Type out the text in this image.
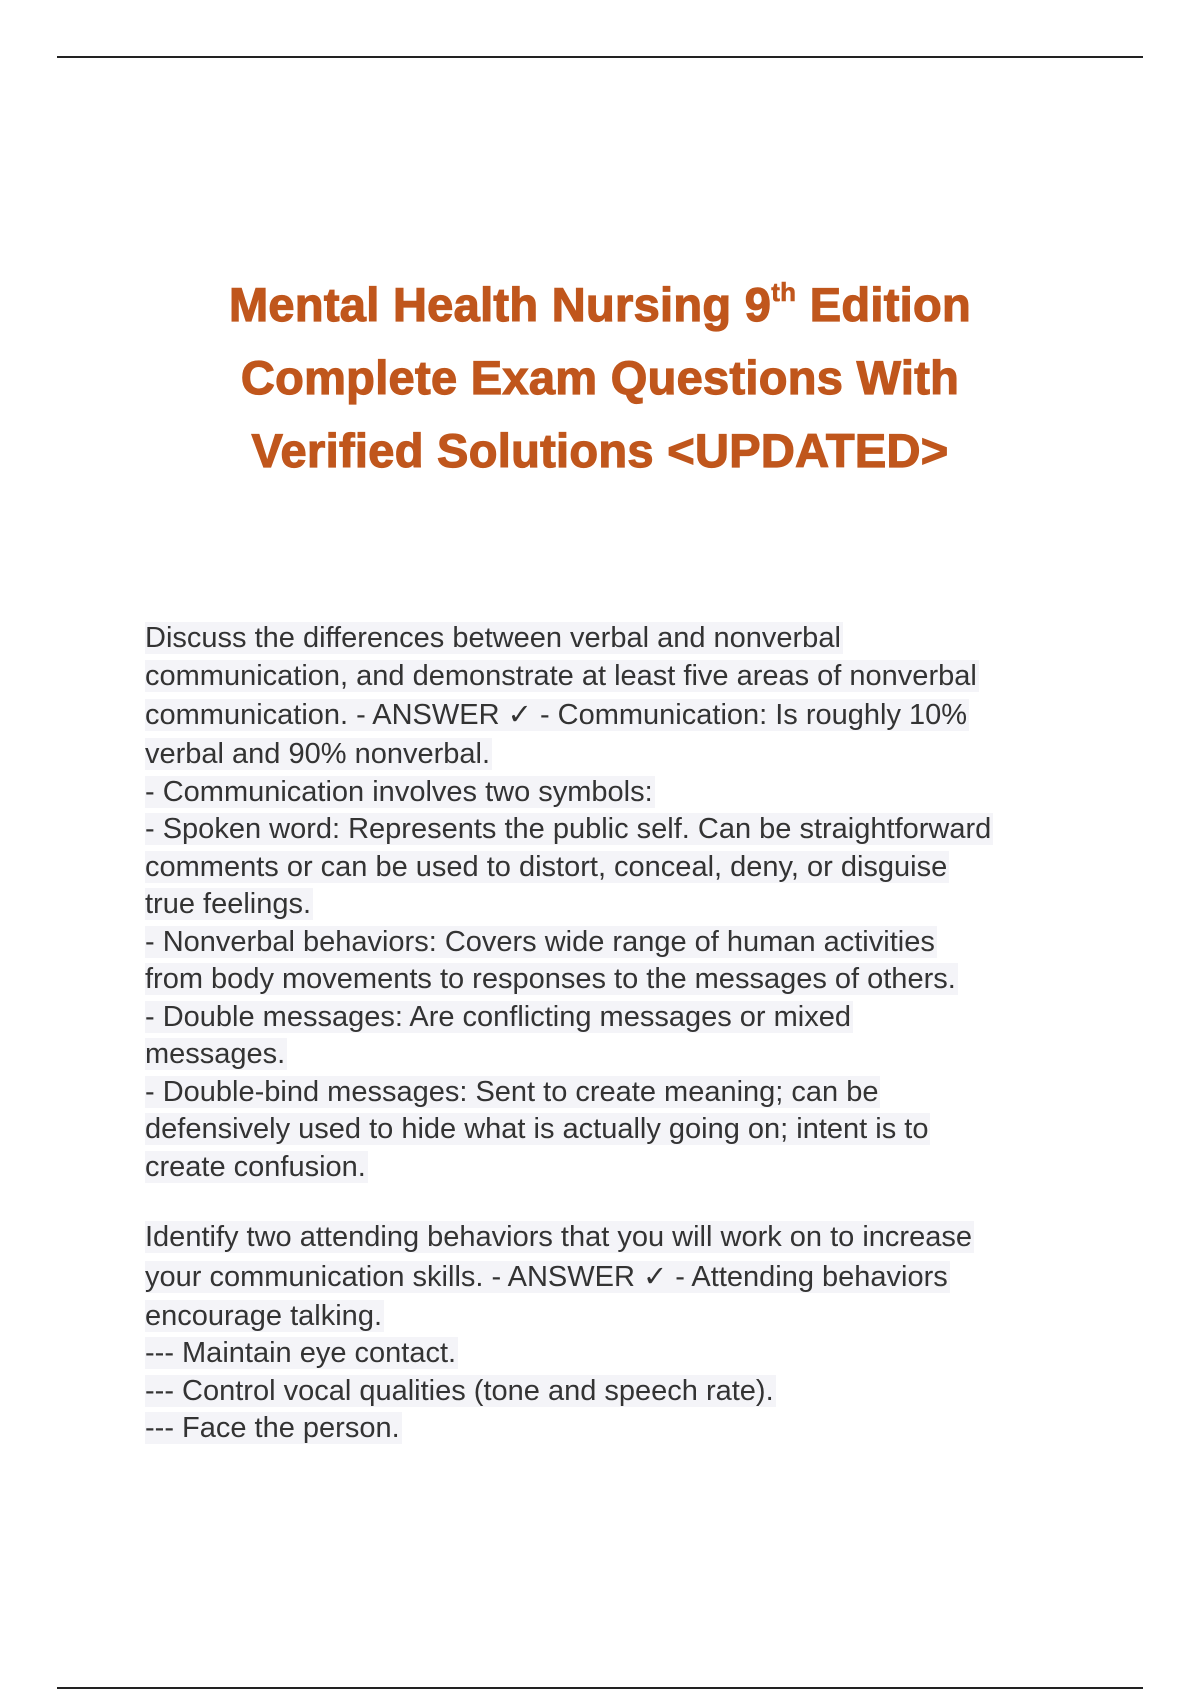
Mental Health Nursing 9th Edition
Complete Exam Questions With
Verified Solutions <UPDATED>
Discuss the differences between verbal and nonverbal
communication, and demonstrate at least five areas of nonverbal
communication. - ANSWER ✓ - Communication: Is roughly 10%
verbal and 90% nonverbal.
- Communication involves two symbols:
- Spoken word: Represents the public self. Can be straightforward
comments or can be used to distort, conceal, deny, or disguise
true feelings.
- Nonverbal behaviors: Covers wide range of human activities
from body movements to responses to the messages of others.
- Double messages: Are conflicting messages or mixed
messages.
- Double-bind messages: Sent to create meaning; can be
defensively used to hide what is actually going on; intent is to
create confusion.
Identify two attending behaviors that you will work on to increase
your communication skills. - ANSWER ✓ - Attending behaviors
encourage talking.
--- Maintain eye contact.
--- Control vocal qualities (tone and speech rate).
--- Face the person.
